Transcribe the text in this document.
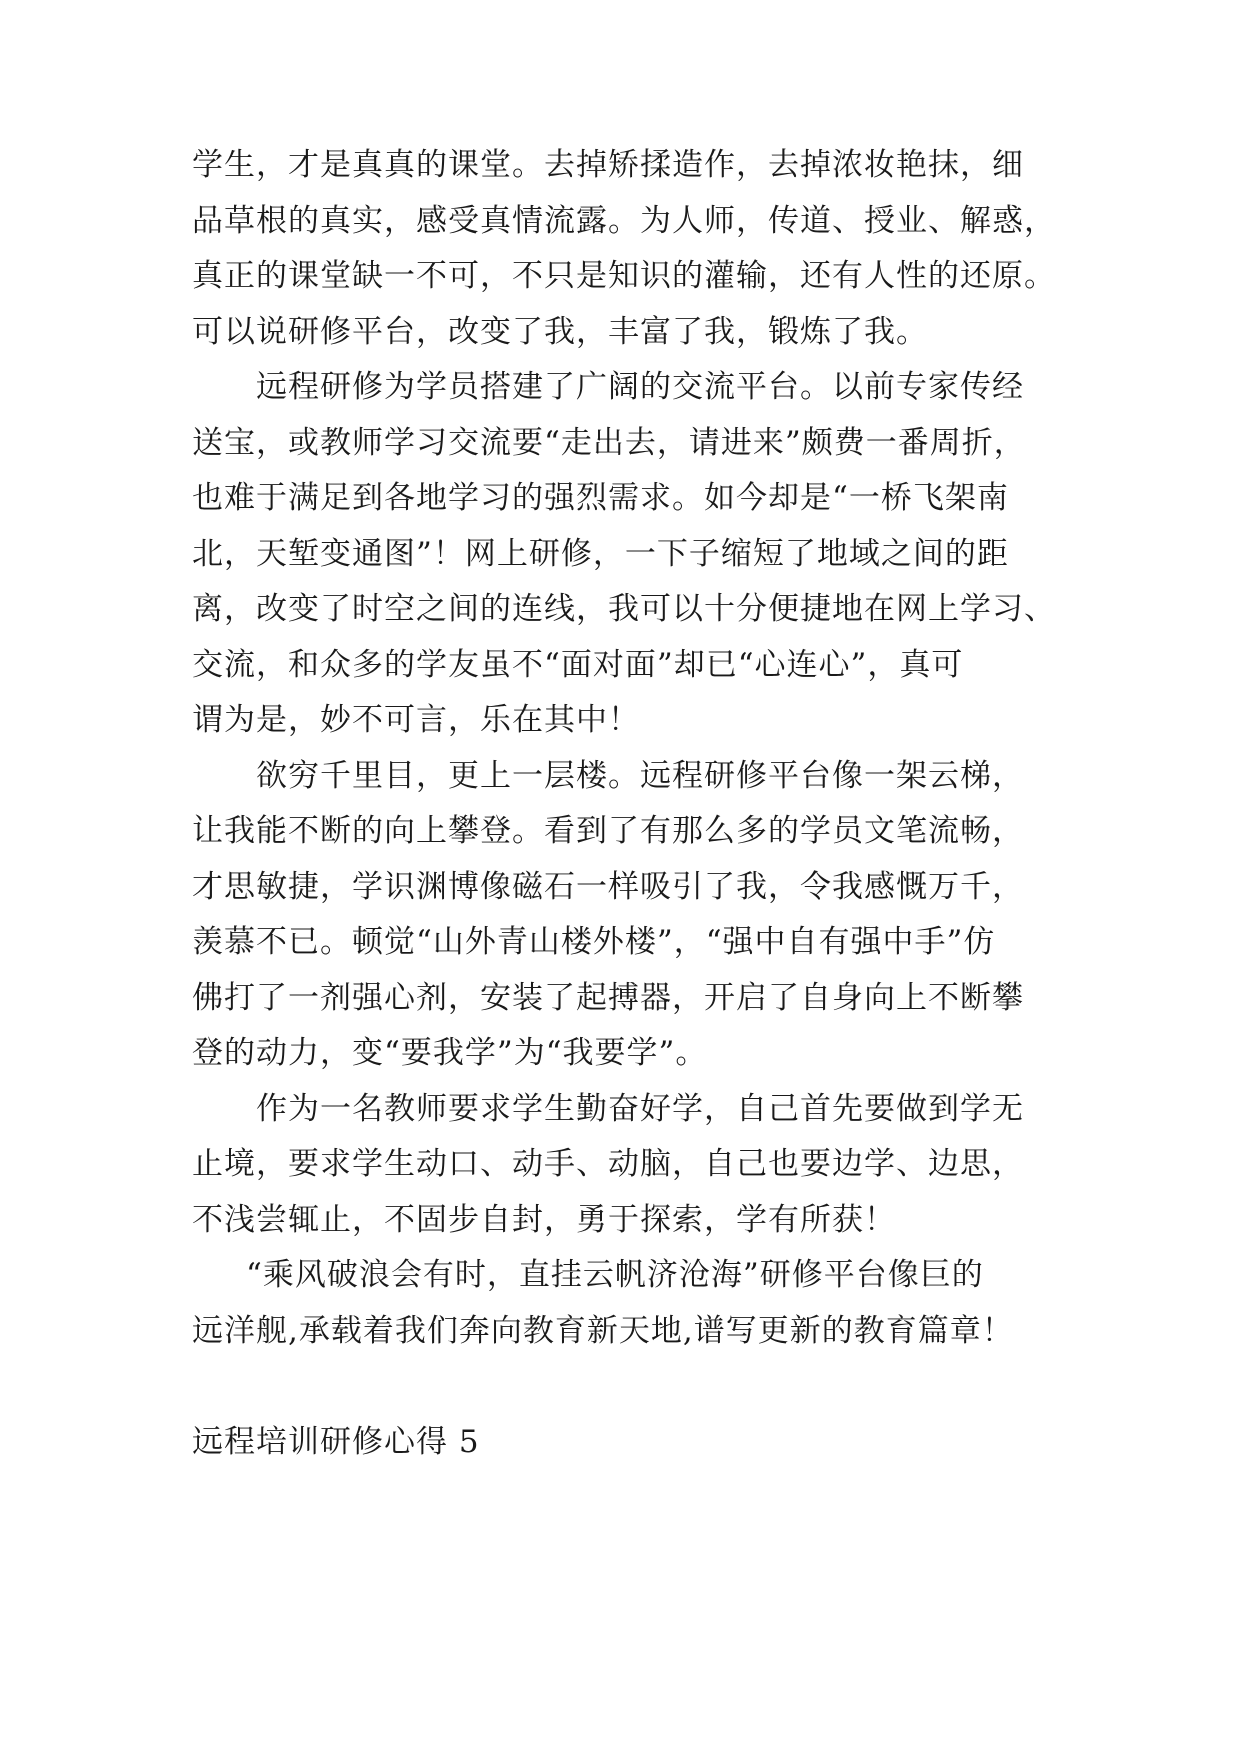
学生，才是真真的课堂。去掉矫揉造作，去掉浓妆艳抹，细
品草根的真实，感受真情流露。为人师，传道、授业、解惑，
真正的课堂缺一不可，不只是知识的灌输，还有人性的还原。
可以说研修平台，改变了我，丰富了我，锻炼了我。
远程研修为学员搭建了广阔的交流平台。以前专家传经
送宝，或教师学习交流要“走出去，请进来”颇费一番周折，
也难于满足到各地学习的强烈需求。如今却是“一桥飞架南
北，天堑变通图”！网上研修，一下子缩短了地域之间的距
离，改变了时空之间的连线，我可以十分便捷地在网上学习、
交流，和众多的学友虽不“面对面”却已“心连心”，真可
谓为是，妙不可言，乐在其中！
欲穷千里目，更上一层楼。远程研修平台像一架云梯，
让我能不断的向上攀登。看到了有那么多的学员文笔流畅，
才思敏捷，学识渊博像磁石一样吸引了我，令我感慨万千，
羡慕不已。顿觉“山外青山楼外楼”，“强中自有强中手”仿
佛打了一剂强心剂，安装了起搏器，开启了自身向上不断攀
登的动力，变“要我学”为“我要学”。
作为一名教师要求学生勤奋好学，自己首先要做到学无
止境，要求学生动口、动手、动脑，自己也要边学、边思，
不浅尝辄止，不固步自封，勇于探索，学有所获！
“乘风破浪会有时，直挂云帆济沧海”研修平台像巨的
远洋舰,承载着我们奔向教育新天地,谱写更新的教育篇章！
远程培训研修心得 5
